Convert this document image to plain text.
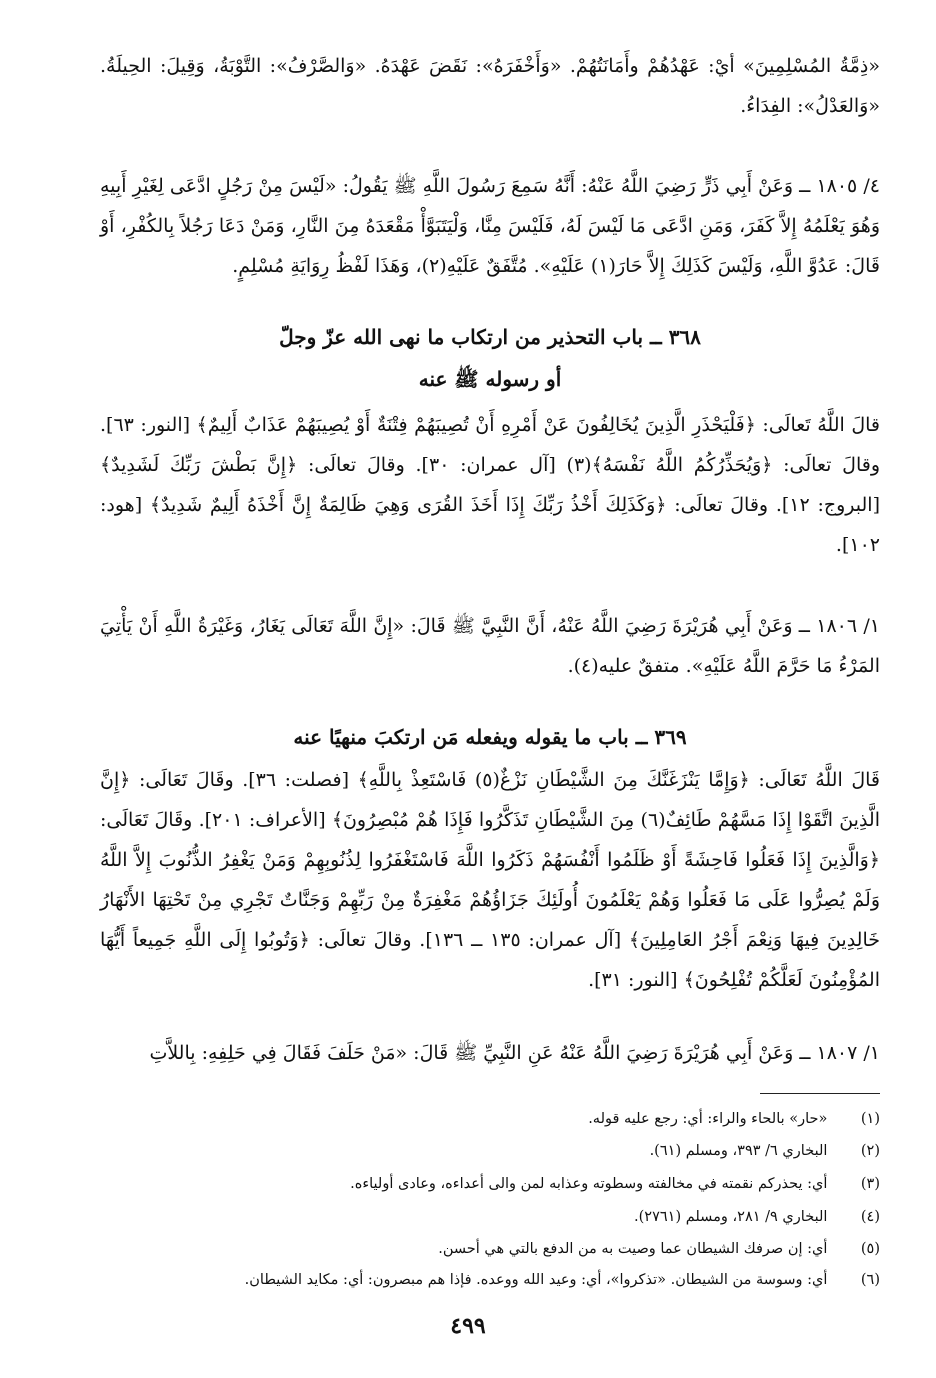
«ذِمَّةُ المُسْلِمِينَ» أيْ: عَهْدُهُمْ وأَمَانَتُهُمْ. «وَأَخْفَرَهُ»: نَقَضَ عَهْدَهُ. «وَالصَّرْفُ»: التَّوْبَةُ، وَقِيلَ: الحِيلَةُ. «وَالعَدْلُ»: الفِدَاءُ.

٤/ ١٨٠٥ ــ وَعَنْ أَبِي ذَرٍّ رَضِيَ اللَّهُ عَنْهُ: أَنَّهُ سَمِعَ رَسُولَ اللَّهِ ﷺ يَقُولُ: «لَيْسَ مِنْ رَجُلٍ ادَّعَى لِغَيْرِ أَبِيهِ وَهُوَ يَعْلَمُهُ إِلاَّ كَفَرَ، وَمَنِ ادَّعَى مَا لَيْسَ لَهُ، فَلَيْسَ مِنَّا، وَلْيَتَبَوَّأْ مَقْعَدَهُ مِنَ النَّارِ، وَمَنْ دَعَا رَجُلاً بِالكُفْرِ، أَوْ قَالَ: عَدُوَّ اللَّهِ، وَلَيْسَ كَذَلِكَ إِلاَّ حَارَ(١) عَلَيْهِ». مُتَّفَقٌ عَلَيْهِ(٢)، وَهَذَا لَفْظُ رِوَايَةِ مُسْلِمٍ.

٣٦٨ ــ باب التحذير من ارتكاب ما نهى الله عزّ وجلّ
أو رسوله ﷺ عنه

قالَ اللَّهُ تَعالَى: ﴿فَلْيَحْذَرِ الَّذِينَ يُخَالِفُونَ عَنْ أَمْرِهِ أَنْ تُصِيبَهُمْ فِتْنَةٌ أَوْ يُصِيبَهُمْ عَذَابٌ أَلِيمٌ﴾ [النور: ٦٣]. وقالَ تعالَى: ﴿وَيُحَذِّرُكُمُ اللَّهُ نَفْسَهُ﴾(٣) [آل عمران: ٣٠]. وقالَ تعالَى: ﴿إِنَّ بَطْشَ رَبِّكَ لَشَدِيدٌ﴾ [البروج: ١٢]. وقالَ تعالَى: ﴿وَكَذَلِكَ أَخْذُ رَبِّكَ إِذَا أَخَذَ القُرَى وَهِيَ ظَالِمَةٌ إِنَّ أَخْذَهُ أَلِيمٌ شَدِيدٌ﴾ [هود: ١٠٢].

١/ ١٨٠٦ ــ وَعَنْ أَبِي هُرَيْرَةَ رَضِيَ اللَّهُ عَنْهُ، أَنَّ النَّبِيَّ ﷺ قَالَ: «إِنَّ اللَّهَ تَعَالَى يَغَارُ، وَغَيْرَةُ اللَّهِ أَنْ يَأْتِيَ المَرْءُ مَا حَرَّمَ اللَّهُ عَلَيْهِ». متفقٌ عليه(٤).

٣٦٩ ــ باب ما يقوله ويفعله مَن ارتكبَ منهيًا عنه

قَالَ اللَّهُ تَعَالَى: ﴿وَإِمَّا يَنْزَغَنَّكَ مِنَ الشَّيْطَانِ نَزْغٌ(٥) فَاسْتَعِذْ بِاللَّهِ﴾ [فصلت: ٣٦]. وقَالَ تَعَالَى: ﴿إِنَّ الَّذِينَ اتَّقَوْا إِذَا مَسَّهُمْ طَائِفٌ(٦) مِنَ الشَّيْطَانِ تَذَكَّرُوا فَإِذَا هُمْ مُبْصِرُونَ﴾ [الأعراف: ٢٠١]. وقَالَ تَعَالَى: ﴿وَالَّذِينَ إِذَا فَعَلُوا فَاحِشَةً أَوْ ظَلَمُوا أَنْفُسَهُمْ ذَكَرُوا اللَّهَ فَاسْتَغْفَرُوا لِذُنُوبِهِمْ وَمَنْ يَغْفِرُ الذُّنُوبَ إِلاَّ اللَّهُ وَلَمْ يُصِرُّوا عَلَى مَا فَعَلُوا وَهُمْ يَعْلَمُونَ أُولَئِكَ جَزَاؤُهُمْ مَغْفِرَةٌ مِنْ رَبِّهِمْ وَجَنَّاتٌ تَجْرِي مِنْ تَحْتِهَا الأَنْهَارُ خَالِدِينَ فِيهَا وَنِعْمَ أَجْرُ العَامِلِينَ﴾ [آل عمران: ١٣٥ ــ ١٣٦]. وقالَ تعالَى: ﴿وَتُوبُوا إِلَى اللَّهِ جَمِيعاً أَيُّهَا المُؤْمِنُونَ لَعَلَّكُمْ تُفْلِحُونَ﴾ [النور: ٣١].

١/ ١٨٠٧ ــ وَعَنْ أَبِي هُرَيْرَةَ رَضِيَ اللَّهُ عَنْهُ عَنِ النَّبِيِّ ﷺ قَالَ: «مَنْ حَلَفَ فَقَالَ فِي حَلِفِهِ: بِاللاَّتِ

(١) «حار» بالحاء والراء: أي: رجع عليه قوله.
(٢) البخاري ٦/ ٣٩٣، ومسلم (٦١).
(٣) أي: يحذركم نقمته في مخالفته وسطوته وعذابه لمن والى أعداءه، وعادى أولياءه.
(٤) البخاري ٩/ ٢٨١، ومسلم (٢٧٦١).
(٥) أي: إن صرفك الشيطان عما وصيت به من الدفع بالتي هي أحسن.
(٦) أي: وسوسة من الشيطان. «تذكروا»، أي: وعيد الله ووعده. فإذا هم مبصرون: أي: مكايد الشيطان.
٤٩٩
